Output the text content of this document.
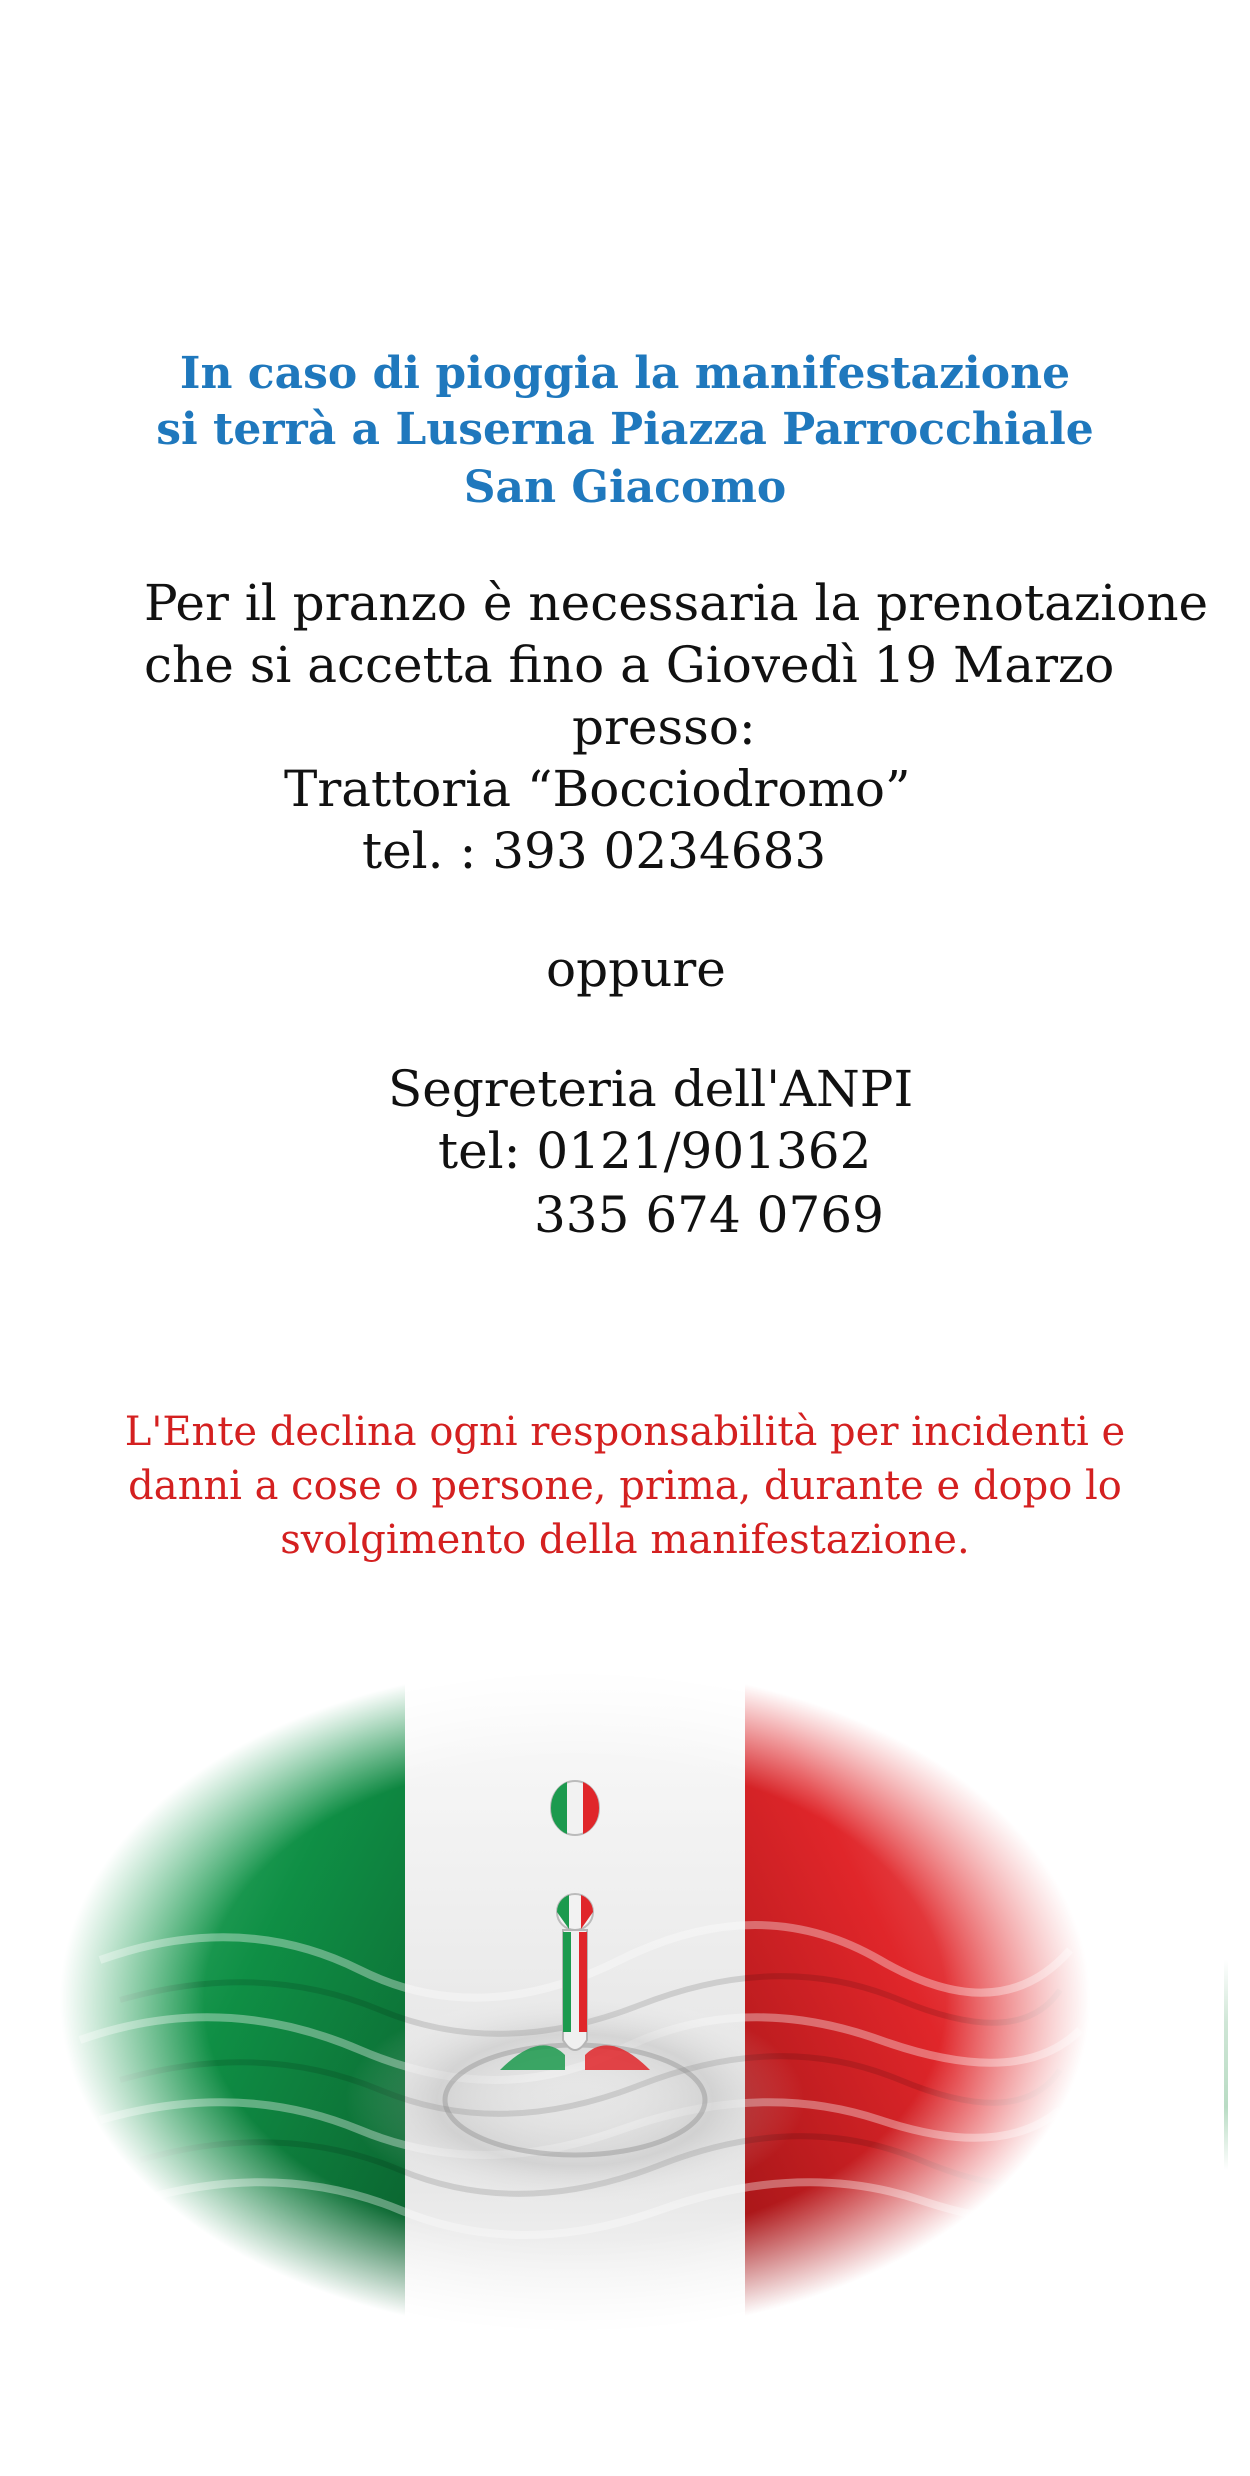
In caso di pioggia la manifestazione
si terrà a Luserna Piazza Parrocchiale
San Giacomo
Per il pranzo è necessaria la prenotazione
che si accetta fino a Giovedì 19 Marzo
presso:
Trattoria “Bocciodromo”
tel. : 393 0234683
oppure
Segreteria dell'ANPI
tel: 0121/901362
335 674 0769
L'Ente declina ogni responsabilità per incidenti e
danni a cose o persone, prima, durante e dopo lo
svolgimento della manifestazione.
